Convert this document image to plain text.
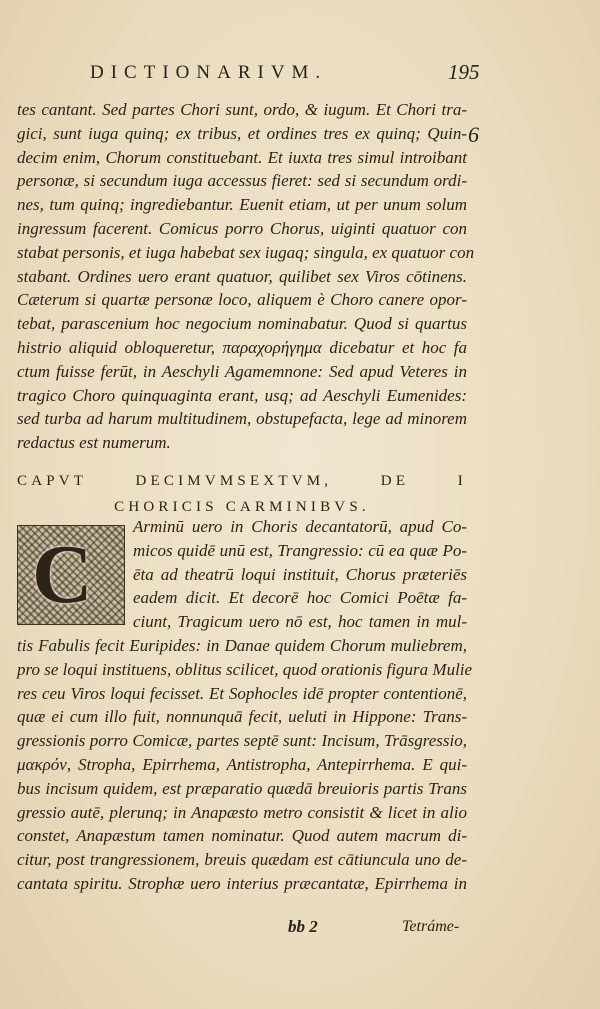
DICTIONARIVM.	195
6
tes cantant. Sed partes Chori sunt, ordo, & iugum. Et Chori tra-
gici, sunt iuga quinq; ex tribus, et ordines tres ex quinq; Quin-
decim enim, Chorum constituebant. Et iuxta tres simul introibant
personæ, si secundum iuga accessus fieret: sed si secundum ordi-
nes, tum quinq; ingrediebantur. Euenit etiam, ut per unum solum
ingressum facerent. Comicus porro Chorus, uiginti quatuor con
stabat personis, et iuga habebat sex iugaq; singula, ex quatuor con
stabant. Ordines uero erant quatuor, quilibet sex Viros cōtinens.
Cæterum si quartæ personæ loco, aliquem è Choro canere opor-
tebat, parascenium hoc negocium nominabatur. Quod si quartus
histrio aliquid obloqueretur, παραχορήγημα dicebatur et hoc fa
ctum fuisse ferūt, in Aeschyli Agamemnone: Sed apud Veteres in
tragico Choro quinquaginta erant, usq; ad Aeschyli Eumenides:
sed turba ad harum multitudinem, obstupefacta, lege ad minorem
redactus est numerum.
CAPVT DECIMVMSEXTVM, DE I
CHORICIS CARMINIBVS.
C
Arminū uero in Choris decantatorū, apud Co-
micos quidē unū est, Trangressio: cū ea quæ Po-
ēta ad theatrū loqui instituit, Chorus præteriēs
eadem dicit. Et decorē hoc Comici Poētæ fa-
ciunt, Tragicum uero nō est, hoc tamen in mul-
tis Fabulis fecit Euripides: in Danae quidem Chorum muliebrem,
pro se loqui instituens, oblitus scilicet, quod orationis figura Mulie
res ceu Viros loqui fecisset. Et Sophocles idē propter contentionē,
quæ ei cum illo fuit, nonnunquā fecit, ueluti in Hippone: Trans-
gressionis porro Comicæ, partes septē sunt: Incisum, Trāsgressio,
μακρόν, Stropha, Epirrhema, Antistropha, Antepirrhema. E qui-
bus incisum quidem, est præparatio quædā breuioris partis Trans
gressio autē, plerunq; in Anapæsto metro consistit & licet in alio
constet, Anapæstum tamen nominatur. Quod autem macrum di-
citur, post trangressionem, breuis quædam est cātiuncula uno de-
cantata spiritu. Strophæ uero interius præcantatæ, Epirrhema in
bb 2	Tetráme-
